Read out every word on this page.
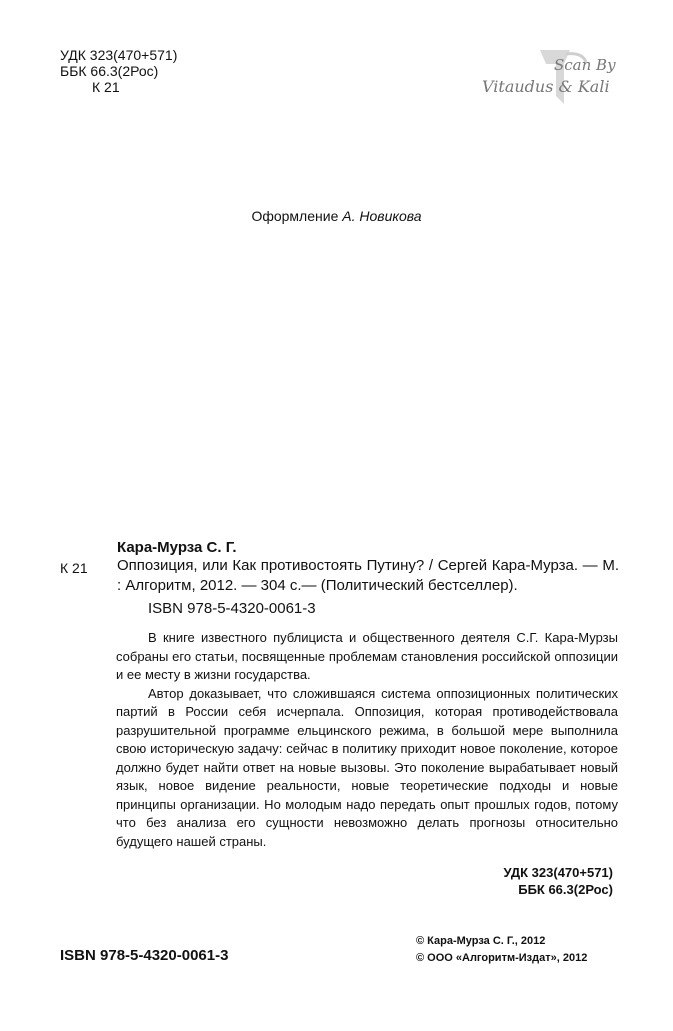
УДК 323(470+571)
ББК 66.3(2Рос)
К 21
Scan By
Vitaudus & Kali
Оформление А. Новикова
Кара-Мурза С. Г.
К 21 Оппозиция, или Как противостоять Путину? / Сергей Кара-Мурза. — М. : Алгоритм, 2012. — 304 с.— (Политический бестселлер).
ISBN 978-5-4320-0061-3

В книге известного публициста и общественного деятеля С.Г. Кара-Мурзы собраны его статьи, посвященные проблемам становления российской оппозиции и ее месту в жизни государства.

Автор доказывает, что сложившаяся система оппозиционных политических партий в России себя исчерпала. Оппозиция, которая противодействовала разрушительной программе ельцинского режима, в большой мере выполнила свою историческую задачу: сейчас в политику приходит новое поколение, которое должно будет найти ответ на новые вызовы. Это поколение вырабатывает новый язык, новое видение реальности, новые теоретические подходы и новые принципы организации. Но молодым надо передать опыт прошлых годов, потому что без анализа его сущности невозможно делать прогнозы относительно будущего нашей страны.

УДК 323(470+571)
ББК 66.3(2Рос)
ISBN 978-5-4320-0061-3
© Кара-Мурза С. Г., 2012
© ООО «Алгоритм-Издат», 2012
